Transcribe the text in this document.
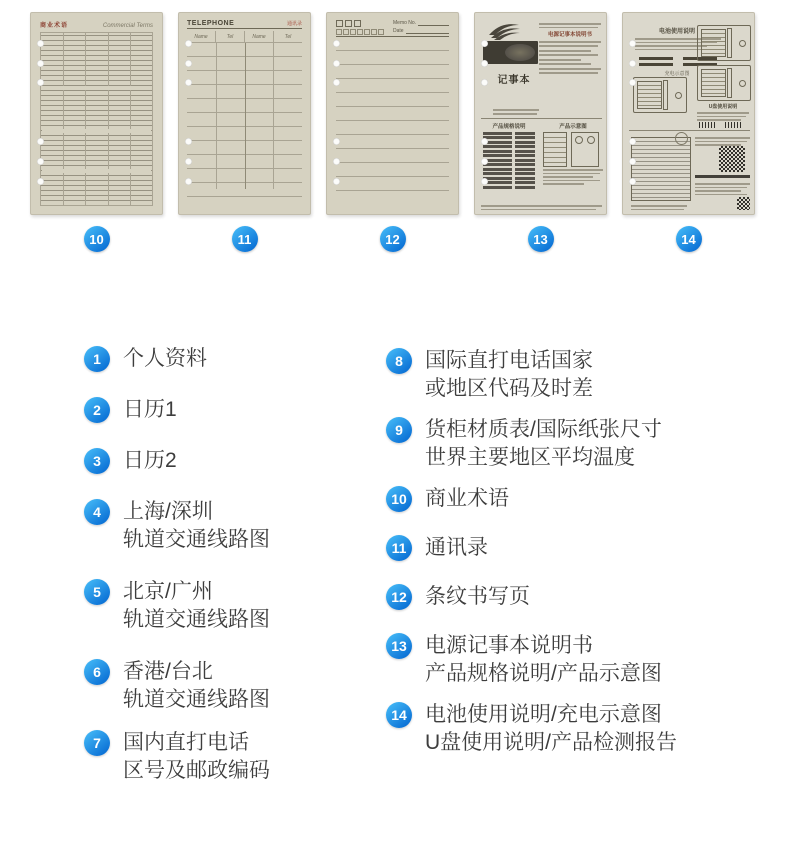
商业术语	Commercial Terms
10
TELEPHONE	通讯录
Name	Tel	Name	Tel
11
Memo No.
Date
12
电源记事本说明书
记事本
产品规格说明	产品示意图
13
电池使用说明
充电示意图
U盘使用说明
14
1	个人资料
2	日历1
3	日历2
4	上海/深圳
轨道交通线路图
5	北京/广州
轨道交通线路图
6	香港/台北
轨道交通线路图
7	国内直打电话
区号及邮政编码
8	国际直打电话国家
或地区代码及时差
9	货柜材质表/国际纸张尺寸
世界主要地区平均温度
10 商业术语
11 通讯录
12 条纹书写页
13 电源记事本说明书
产品规格说明/产品示意图
14 电池使用说明/充电示意图
U盘使用说明/产品检测报告
